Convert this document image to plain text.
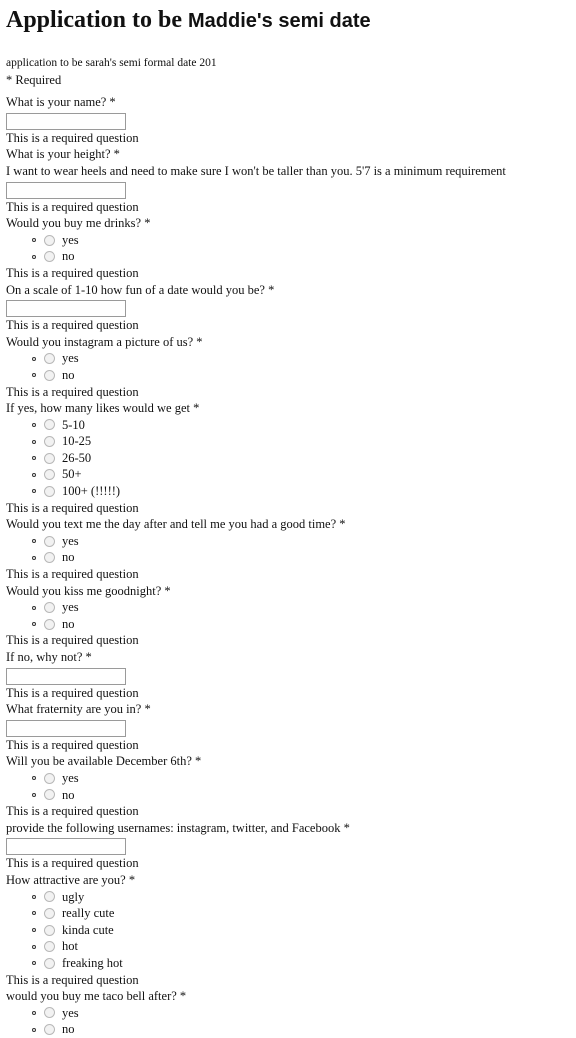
Application to be Maddie's semi date
application to be sarah's semi formal date 201
* Required
What is your name? *
This is a required question
What is your height? *
I want to wear heels and need to make sure I won't be taller than you. 5'7 is a minimum requirement
This is a required question
Would you buy me drinks? *
yes
no
This is a required question
On a scale of 1-10 how fun of a date would you be? *
This is a required question
Would you instagram a picture of us? *
yes
no
This is a required question
If yes, how many likes would we get *
5-10
10-25
26-50
50+
100+ (!!!!!)
This is a required question
Would you text me the day after and tell me you had a good time? *
yes
no
This is a required question
Would you kiss me goodnight? *
yes
no
This is a required question
If no, why not? *
This is a required question
What fraternity are you in? *
This is a required question
Will you be available December 6th? *
yes
no
This is a required question
provide the following usernames: instagram, twitter, and Facebook *
This is a required question
How attractive are you? *
ugly
really cute
kinda cute
hot
freaking hot
This is a required question
would you buy me taco bell after? *
yes
no
